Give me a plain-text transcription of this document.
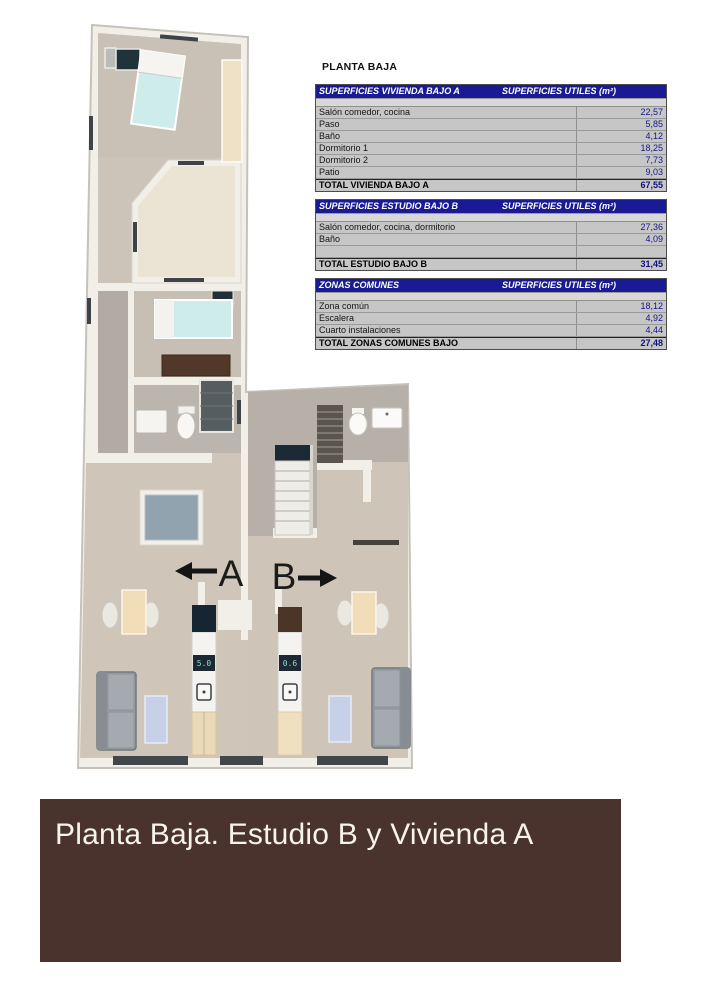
PLANTA BAJA
SUPERFICIES VIVIENDA BAJO A	SUPERFICIES UTILES (m²)
Salón comedor, cocina	22,57
Paso	5,85
Baño	4,12
Dormitorio 1	18,25
Dormitorio 2	7,73
Patio	9,03
TOTAL VIVIENDA BAJO A	67,55
SUPERFICIES ESTUDIO BAJO B	SUPERFICIES UTILES (m²)
Salón comedor, cocina, dormitorio	27,36
Baño	4,09
TOTAL ESTUDIO BAJO B	31,45
ZONAS COMUNES	SUPERFICIES UTILES (m²)
Zona común	18,12
Escalera	4,92
Cuarto instalaciones	4,44
TOTAL ZONAS COMUNES BAJO	27,48
A B
5.0	0.6
Planta Baja. Estudio B y Vivienda A
